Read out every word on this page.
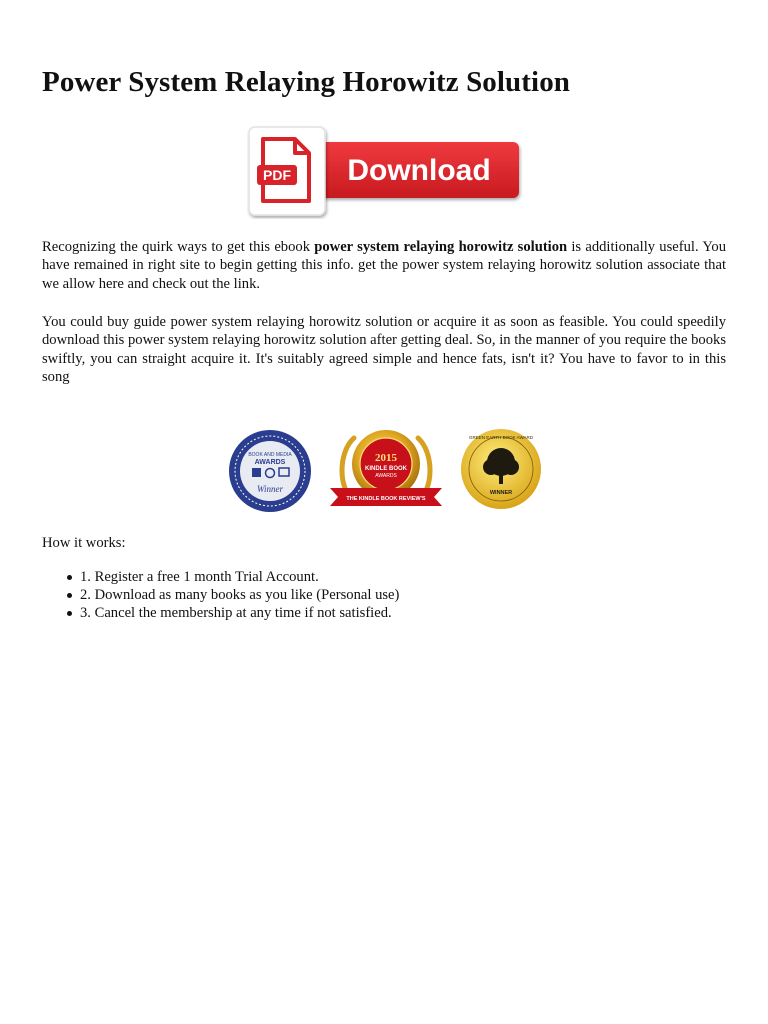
Power System Relaying Horowitz Solution
Download
PDF

Recognizing the quirk ways to get this ebook power system relaying horowitz solution is additionally useful. You have remained in right site to begin getting this info. get the power system relaying horowitz solution associate that we allow here and check out the link.

You could buy guide power system relaying horowitz solution or acquire it as soon as feasible. You could speedily download this power system relaying horowitz solution after getting deal. So, in the manner of you require the books swiftly, you can straight acquire it. It's suitably agreed simple and hence fats, isn't it? You have to favor to in this song

BOOK AND MEDIA
AWARDS
Winner
2015
KINDLE BOOK
AWARDS
THE KINDLE BOOK REVIEW'S
GREEN EARTH BOOK AWARD
WINNER

How it works:

1. Register a free 1 month Trial Account.
2. Download as many books as you like (Personal use)
3. Cancel the membership at any time if not satisfied.
